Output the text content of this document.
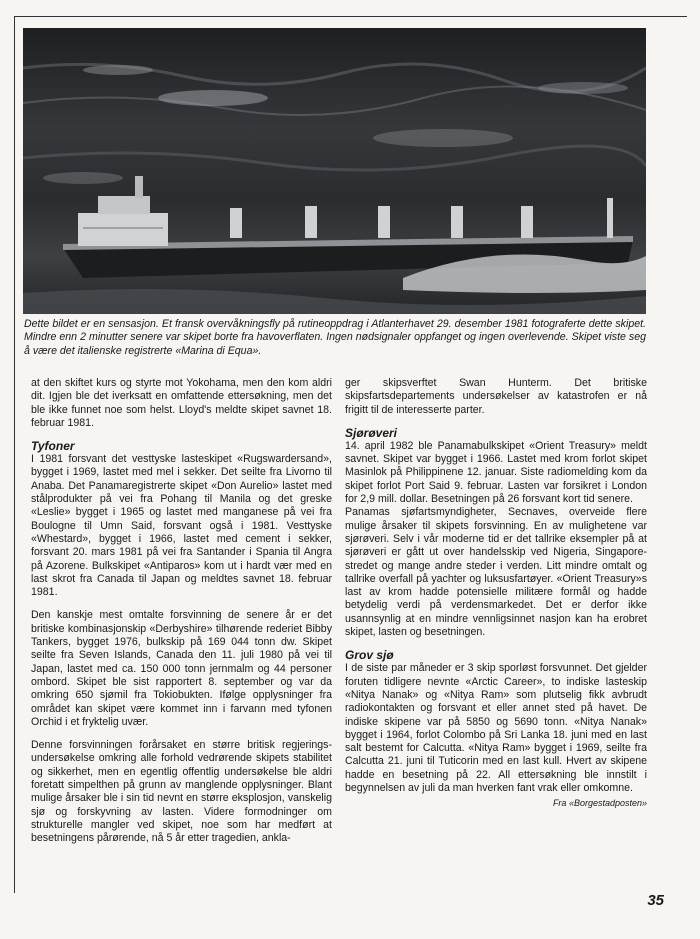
Dette bildet er en sensasjon. Et fransk overvåkningsfly på rutineoppdrag i Atlanterhavet 29. desember 1981 fotograferte dette skipet. Mindre enn 2 minutter senere var skipet borte fra havoverflaten. Ingen nødsignaler oppfanget og ingen overlevende. Skipet viste seg å være det italienske registrerte «Marina di Equa».

at den skiftet kurs og styrte mot Yokohama, men den kom aldri dit. Igjen ble det iverksatt en omfattende ettersøkning, men det ble ikke funnet noe som helst. Lloyd's meldte skipet savnet 18. februar 1981.

Tyfoner

I 1981 forsvant det vesttyske lasteskipet «Rugswardersand», bygget i 1969, lastet med mel i sekker. Det seilte fra Livorno til Anaba. Det Panamaregistrerte skipet «Don Aurelio» lastet med stålprodukter på vei fra Pohang til Manila og det greske «Leslie» bygget i 1965 og lastet med manganese på vei fra Boulogne til Umn Said, forsvant også i 1981. Vesttyske «Whestard», bygget i 1966, lastet med cement i sekker, forsvant 20. mars 1981 på vei fra Santander i Spania til Angra på Azorene. Bulkskipet «Antiparos» kom ut i hardt vær med en last skrot fra Canada til Japan og meldtes savnet 18. februar 1981.

Den kanskje mest omtalte forsvinning de senere år er det britiske kombinasjonskip «Derbyshire» tilhørende rederiet Bibby Tankers, bygget 1976, bulkskip på 169 044 tonn dw. Skipet seilte fra Seven Islands, Canada den 11. juli 1980 på vei til Japan, lastet med ca. 150 000 tonn jernmalm og 44 personer ombord. Skipet ble sist rapportert 8. september og var da omkring 650 sjømil fra Tokiobukten. Ifølge opplysninger fra området kan skipet være kommet inn i farvann med tyfonen Orchid i et fryktelig uvær.

Denne forsvinningen forårsaket en større britisk regjerings-undersøkelse omkring alle forhold vedrørende skipets stabilitet og sikkerhet, men en egentlig offentlig undersøkelse ble aldri foretatt simpelthen på grunn av manglende opplysninger. Blant mulige årsaker ble i sin tid nevnt en større eksplosjon, vanskelig sjø og forskyvning av lasten. Videre formodninger om strukturelle mangler ved skipet, noe som har medført at besetningens pårørende, nå 5 år etter tragedien, ankla-

ger skipsverftet Swan Hunterm. Det britiske skipsfartsdepartements undersøkelser av katastrofen er nå frigitt til de interesserte parter.

Sjørøveri

14. april 1982 ble Panamabulkskipet «Orient Treasury» meldt savnet. Skipet var bygget i 1966. Lastet med krom forlot skipet Masinlok på Philippinene 12. januar. Siste radiomelding kom da skipet forlot Port Said 9. februar. Lasten var forsikret i London for 2,9 mill. dollar. Besetningen på 26 forsvant kort tid senere.

Panamas sjøfartsmyndigheter, Secnaves, overveide flere mulige årsaker til skipets forsvinning. En av mulighetene var sjørøveri. Selv i vår moderne tid er det tallrike eksempler på at sjørøveri er gått ut over handelsskip ved Nigeria, Singapore-stredet og mange andre steder i verden. Litt mindre omtalt og tallrike overfall på yachter og luksusfartøyer. «Orient Treasury»s last av krom hadde potensielle militære formål og hadde betydelig verdi på verdensmarkedet. Det er derfor ikke usannsynlig at en mindre vennligsinnet nasjon kan ha erobret skipet, lasten og besetningen.

Grov sjø

I de siste par måneder er 3 skip sporløst forsvunnet. Det gjelder foruten tidligere nevnte «Arctic Career», to indiske lasteskip «Nitya Nanak» og «Nitya Ram» som plutselig fikk avbrudt radiokontakten og forsvant et eller annet sted på havet. De indiske skipene var på 5850 og 5690 tonn. «Nitya Nanak» bygget i 1964, forlot Colombo på Sri Lanka 18. juni med en last salt bestemt for Calcutta. «Nitya Ram» bygget i 1969, seilte fra Calcutta 21. juni til Tuticorin med en last kull. Hvert av skipene hadde en besetning på 22. All ettersøkning ble innstilt i begynnelsen av juli da man hverken fant vrak eller omkomne.

Fra «Borgestadposten»
35
